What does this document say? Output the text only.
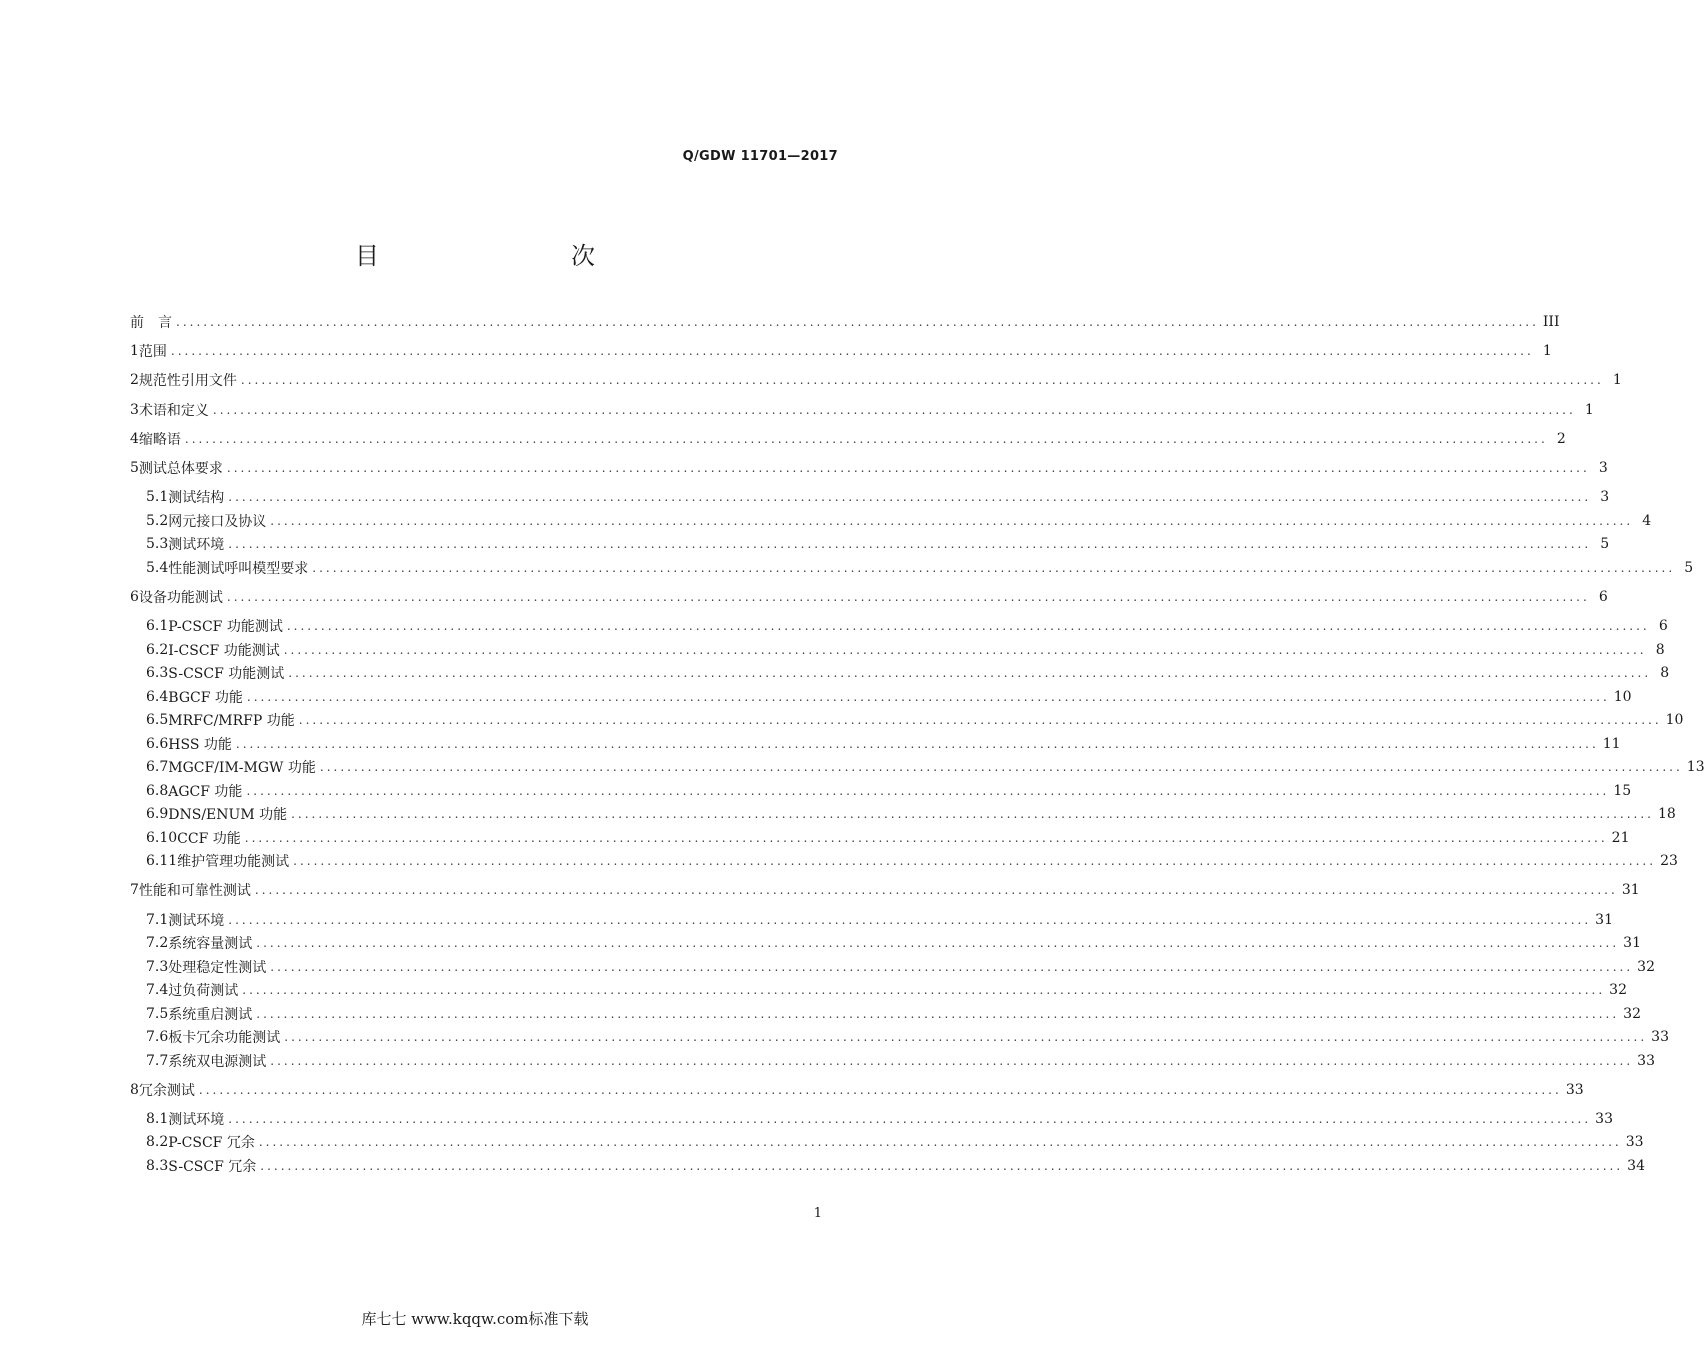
Q/GDW 11701—2017
目　　次
前　言 ........................................................................................................................................................................................................ III
1 范围 ........................................................................................................................................................................................................ 1
2 规范性引用文件 ........................................................................................................................................................................................................ 1
3 术语和定义 ........................................................................................................................................................................................................ 1
4 缩略语 ........................................................................................................................................................................................................ 2
5 测试总体要求 ........................................................................................................................................................................................................ 3
5.1 测试结构 ........................................................................................................................................................................................................ 3
5.2 网元接口及协议 ........................................................................................................................................................................................................ 4
5.3 测试环境 ........................................................................................................................................................................................................ 5
5.4 性能测试呼叫模型要求 ........................................................................................................................................................................................................ 5
6 设备功能测试 ........................................................................................................................................................................................................ 6
6.1 P-CSCF 功能测试 ........................................................................................................................................................................................................ 6
6.2 I-CSCF 功能测试 ........................................................................................................................................................................................................ 8
6.3 S-CSCF 功能测试 ........................................................................................................................................................................................................ 8
6.4 BGCF 功能 ........................................................................................................................................................................................................ 10
6.5 MRFC/MRFP 功能 ........................................................................................................................................................................................................ 10
6.6 HSS 功能 ........................................................................................................................................................................................................ 11
6.7 MGCF/IM-MGW 功能 ........................................................................................................................................................................................................ 13
6.8 AGCF 功能 ........................................................................................................................................................................................................ 15
6.9 DNS/ENUM 功能 ........................................................................................................................................................................................................ 18
6.10 CCF 功能 ........................................................................................................................................................................................................ 21
6.11 维护管理功能测试 ........................................................................................................................................................................................................ 23
7 性能和可靠性测试 ........................................................................................................................................................................................................ 31
7.1 测试环境 ........................................................................................................................................................................................................ 31
7.2 系统容量测试 ........................................................................................................................................................................................................ 31
7.3 处理稳定性测试 ........................................................................................................................................................................................................ 32
7.4 过负荷测试 ........................................................................................................................................................................................................ 32
7.5 系统重启测试 ........................................................................................................................................................................................................ 32
7.6 板卡冗余功能测试 ........................................................................................................................................................................................................ 33
7.7 系统双电源测试 ........................................................................................................................................................................................................ 33
8 冗余测试 ........................................................................................................................................................................................................ 33
8.1 测试环境 ........................................................................................................................................................................................................ 33
8.2 P-CSCF 冗余 ........................................................................................................................................................................................................ 33
8.3 S-CSCF 冗余 ........................................................................................................................................................................................................ 34
1
库七七 www.kqqw.com标准下载
